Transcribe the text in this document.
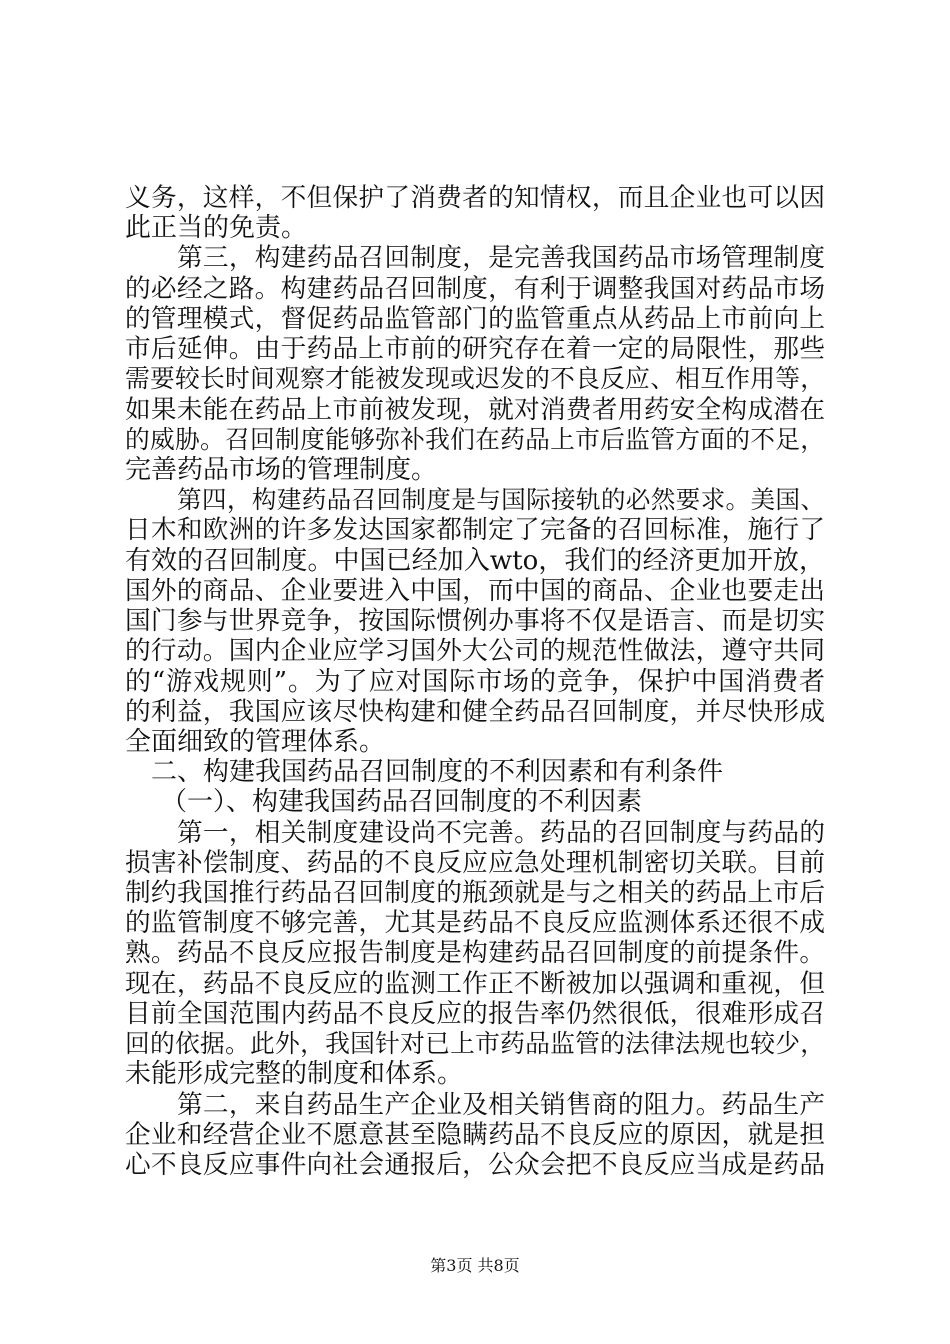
义务，这样，不但保护了消费者的知情权，而且企业也可以因

此正当的免责。

第三，构建药品召回制度，是完善我国药品市场管理制度

的必经之路。构建药品召回制度，有利于调整我国对药品市场

的管理模式，督促药品监管部门的监管重点从药品上市前向上

市后延伸。由于药品上市前的研究存在着一定的局限性，那些

需要较长时间观察才能被发现或迟发的不良反应、相互作用等，

如果未能在药品上市前被发现，就对消费者用药安全构成潜在

的威胁。召回制度能够弥补我们在药品上市后监管方面的不足，

完善药品市场的管理制度。

第四，构建药品召回制度是与国际接轨的必然要求。美国、

日木和欧洲的许多发达国家都制定了完备的召回标准，施行了

有效的召回制度。中国已经加入wto，我们的经济更加开放，

国外的商品、企业要进入中国，而中国的商品、企业也要走出

国门参与世界竞争，按国际惯例办事将不仅是语言、而是切实

的行动。国内企业应学习国外大公司的规范性做法，遵守共同

的“游戏规则”。为了应对国际市场的竞争，保护中国消费者

的利益，我国应该尽快构建和健全药品召回制度，并尽快形成

全面细致的管理体系。

二、构建我国药品召回制度的不利因素和有利条件

（一）、构建我国药品召回制度的不利因素

第一，相关制度建设尚不完善。药品的召回制度与药品的

损害补偿制度、药品的不良反应应急处理机制密切关联。目前

制约我国推行药品召回制度的瓶颈就是与之相关的药品上市后

的监管制度不够完善，尤其是药品不良反应监测体系还很不成

熟。药品不良反应报告制度是构建药品召回制度的前提条件。

现在，药品不良反应的监测工作正不断被加以强调和重视，但

目前全国范围内药品不良反应的报告率仍然很低，很难形成召

回的依据。此外，我国针对已上市药品监管的法律法规也较少，

未能形成完整的制度和体系。

第二，来自药品生产企业及相关销售商的阻力。药品生产

企业和经营企业不愿意甚至隐瞒药品不良反应的原因，就是担

心不良反应事件向社会通报后，公众会把不良反应当成是药品

第3页 共8页
